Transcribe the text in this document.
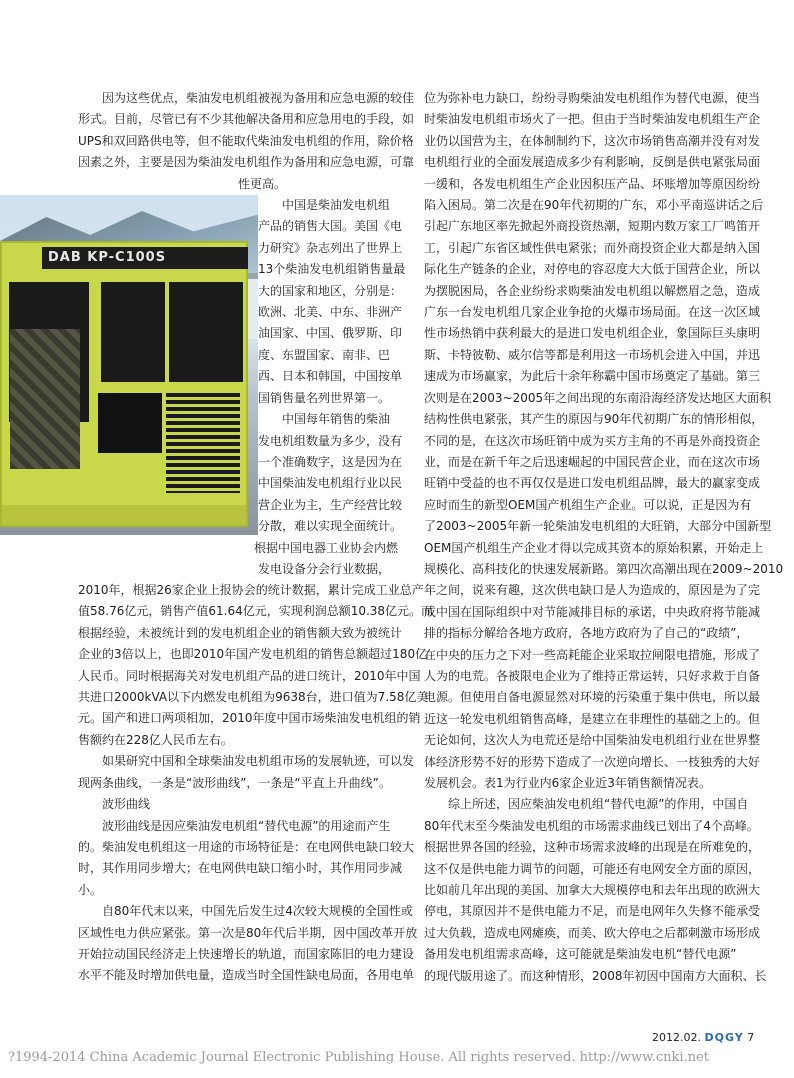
因为这些优点，柴油发电机组被视为备用和应急电源的较佳
形式。目前，尽管已有不少其他解决备用和应急用电的手段，如
UPS和双回路供电等，但不能取代柴油发电机组的作用，除价格
因素之外，主要是因为柴油发电机组作为备用和应急电源，可靠
性更高。
DAB KP-C100S
中国是柴油发电机组
产品的销售大国。美国《电
力研究》杂志列出了世界上
13个柴油发电机组销售量最
大的国家和地区，分别是：
欧洲、北美、中东、非洲产
油国家、中国、俄罗斯、印
度、东盟国家、南非、巴
西、日本和韩国，中国按单
国销售量名列世界第一。
中国每年销售的柴油
发电机组数量为多少，没有
一个准确数字，这是因为在
中国柴油发电机组行业以民
营企业为主，生产经营比较
分散，难以实现全面统计。
根据中国电器工业协会内燃
发电设备分会行业数据，
2010年，根据26家企业上报协会的统计数据，累计完成工业总产
值58.76亿元，销售产值61.64亿元，实现利润总额10.38亿元。而
根据经验，未被统计到的发电机组企业的销售额大致为被统计
企业的3倍以上，也即2010年国产发电机组的销售总额超过180亿
人民币。同时根据海关对发电机组产品的进口统计，2010年中国
共进口2000kVA以下内燃发电机组为9638台，进口值为7.58亿美
元。国产和进口两项相加，2010年度中国市场柴油发电机组的销
售额约在228亿人民币左右。
如果研究中国和全球柴油发电机组市场的发展轨迹，可以发
现两条曲线，一条是“波形曲线”，一条是“平直上升曲线”。
波形曲线
波形曲线是因应柴油发电机组“替代电源”的用途而产生
的。柴油发电机组这一用途的市场特征是：在电网供电缺口较大
时，其作用同步增大；在电网供电缺口缩小时，其作用同步减
小。
自80年代末以来，中国先后发生过4次较大规模的全国性或
区域性电力供应紧张。第一次是80年代后半期，因中国改革开放
开始拉动国民经济走上快速增长的轨道，而国家陈旧的电力建设
水平不能及时增加供电量，造成当时全国性缺电局面，各用电单
位为弥补电力缺口，纷纷寻购柴油发电机组作为替代电源，使当
时柴油发电机组市场火了一把。但由于当时柴油发电机组生产企
业仍以国营为主，在体制制约下，这次市场销售高潮并没有对发
电机组行业的全面发展造成多少有利影响，反倒是供电紧张局面
一缓和，各发电机组生产企业因积压产品、坏账增加等原因纷纷
陷入困局。第二次是在90年代初期的广东，邓小平南巡讲话之后
引起广东地区率先掀起外商投资热潮，短期内数万家工厂鸣笛开
工，引起广东省区域性供电紧张；而外商投资企业大都是纳入国
际化生产链条的企业，对停电的容忍度大大低于国营企业，所以
为摆脱困局，各企业纷纷求购柴油发电机组以解燃眉之急，造成
广东一台发电机组几家企业争抢的火爆市场局面。在这一次区域
性市场热销中获利最大的是进口发电机组企业，象国际巨头康明
斯、卡特彼勒、威尔信等都是利用这一市场机会进入中国，并迅
速成为市场赢家，为此后十余年称霸中国市场奠定了基础。第三
次则是在2003~2005年之间出现的东南沿海经济发达地区大面积
结构性供电紧张，其产生的原因与90年代初期广东的情形相似，
不同的是，在这次市场旺销中成为买方主角的不再是外商投资企
业，而是在新千年之后迅速崛起的中国民营企业，而在这次市场
旺销中受益的也不再仅仅是进口发电机组品牌，最大的赢家变成
应时而生的新型OEM国产机组生产企业。可以说，正是因为有
了2003~2005年新一轮柴油发电机组的大旺销，大部分中国新型
OEM国产机组生产企业才得以完成其资本的原始积累，开始走上
规模化、高科技化的快速发展新路。第四次高潮出现在2009~2010
年之间，说来有趣，这次供电缺口是人为造成的，原因是为了完
成中国在国际组织中对节能减排目标的承诺，中央政府将节能减
排的指标分解给各地方政府，各地方政府为了自己的“政绩”，
在中央的压力之下对一些高耗能企业采取拉闸限电措施，形成了
人为的电荒。各被限电企业为了维持正常运转，只好求救于自备
电源。但使用自备电源显然对环境的污染重于集中供电，所以最
近这一轮发电机组销售高峰，是建立在非理性的基础之上的。但
无论如何，这次人为电荒还是给中国柴油发电机组行业在世界整
体经济形势不好的形势下造成了一次逆向增长、一枝独秀的大好
发展机会。表1为行业内6家企业近3年销售额情况表。
综上所述，因应柴油发电机组“替代电源”的作用，中国自
80年代末至今柴油发电机组的市场需求曲线已划出了4个高峰。
根据世界各国的经验，这种市场需求波峰的出现是在所难免的，
这不仅是供电能力调节的问题，可能还有电网安全方面的原因，
比如前几年出现的美国、加拿大大规模停电和去年出现的欧洲大
停电，其原因并不是供电能力不足，而是电网年久失修不能承受
过大负载，造成电网瘫痪，而美、欧大停电之后都刺激市场形成
备用发电机组需求高峰，这可能就是柴油发电机“替代电源”
的现代版用途了。而这种情形，2008年初因中国南方大面积、长
2012.02. DQGY 7
?1994-2014 China Academic Journal Electronic Publishing House. All rights reserved. http://www.cnki.net
